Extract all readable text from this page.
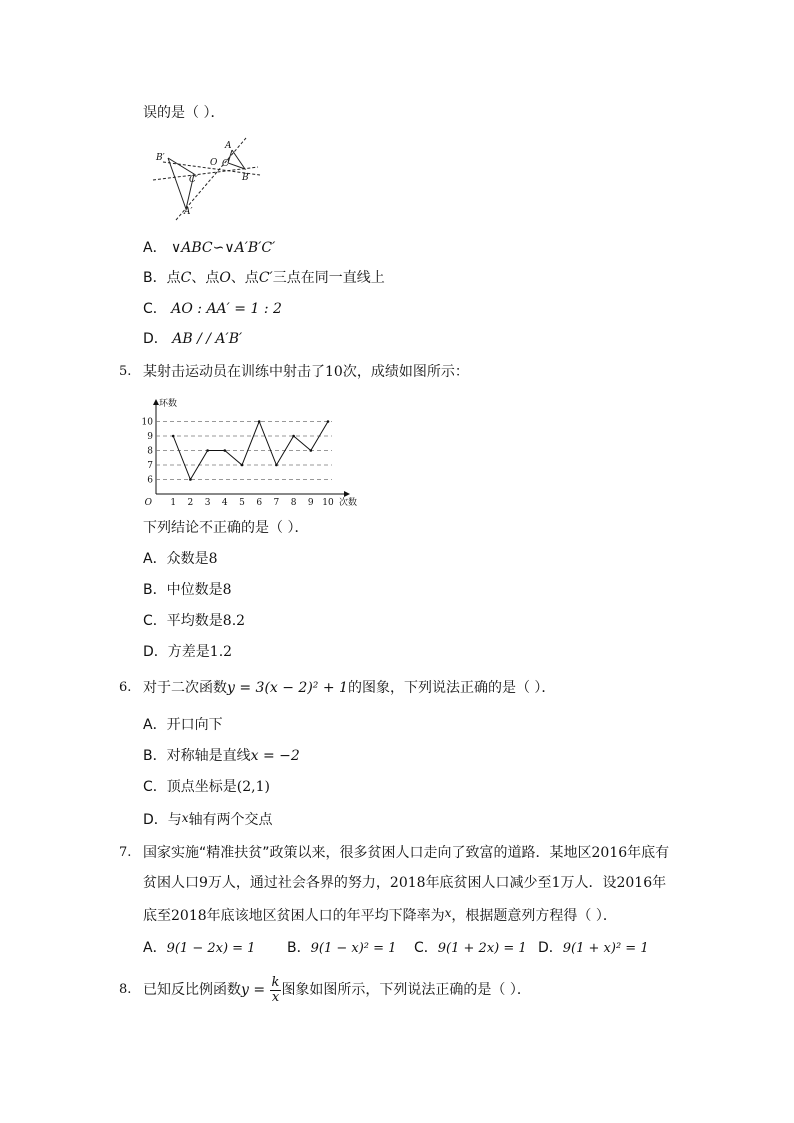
误的是（ ）．
B′
C′
A′
O C
A
B
A． ∨ABC∽∨A′B′C′
B．点C、点O、点C′三点在同一直线上
C． AO : AA′ = 1 : 2
D． AB / / A′B′
5. 某射击运动员在训练中射击了10次，成绩如图所示：
6
7
8
9
10
1 2 3 4 5 6 7 8 9 10
O
环数
次数
下列结论不正确的是（ ）．
A．众数是8
B．中位数是8
C．平均数是8.2
D．方差是1.2
6. 对于二次函数y = 3(x − 2)² + 1的图象，下列说法正确的是（ ）．
A．开口向下
B．对称轴是直线x = −2
C．顶点坐标是(2,1)
D．与x轴有两个交点
7. 国家实施“精准扶贫”政策以来，很多贫困人口走向了致富的道路．某地区2016年底有
贫困人口9万人，通过社会各界的努力，2018年底贫困人口减少至1万人．设2016年
底至2018年底该地区贫困人口的年平均下降率为x，根据题意列方程得（ ）．
A．9(1 − 2x) = 1 B．9(1 − x)² = 1 C．9(1 + 2x) = 1 D．9(1 + x)² = 1
8. 已知反比例函数$y = \frac{k}{x}$ 图象如图所示，下列说法正确的是（ ）．
